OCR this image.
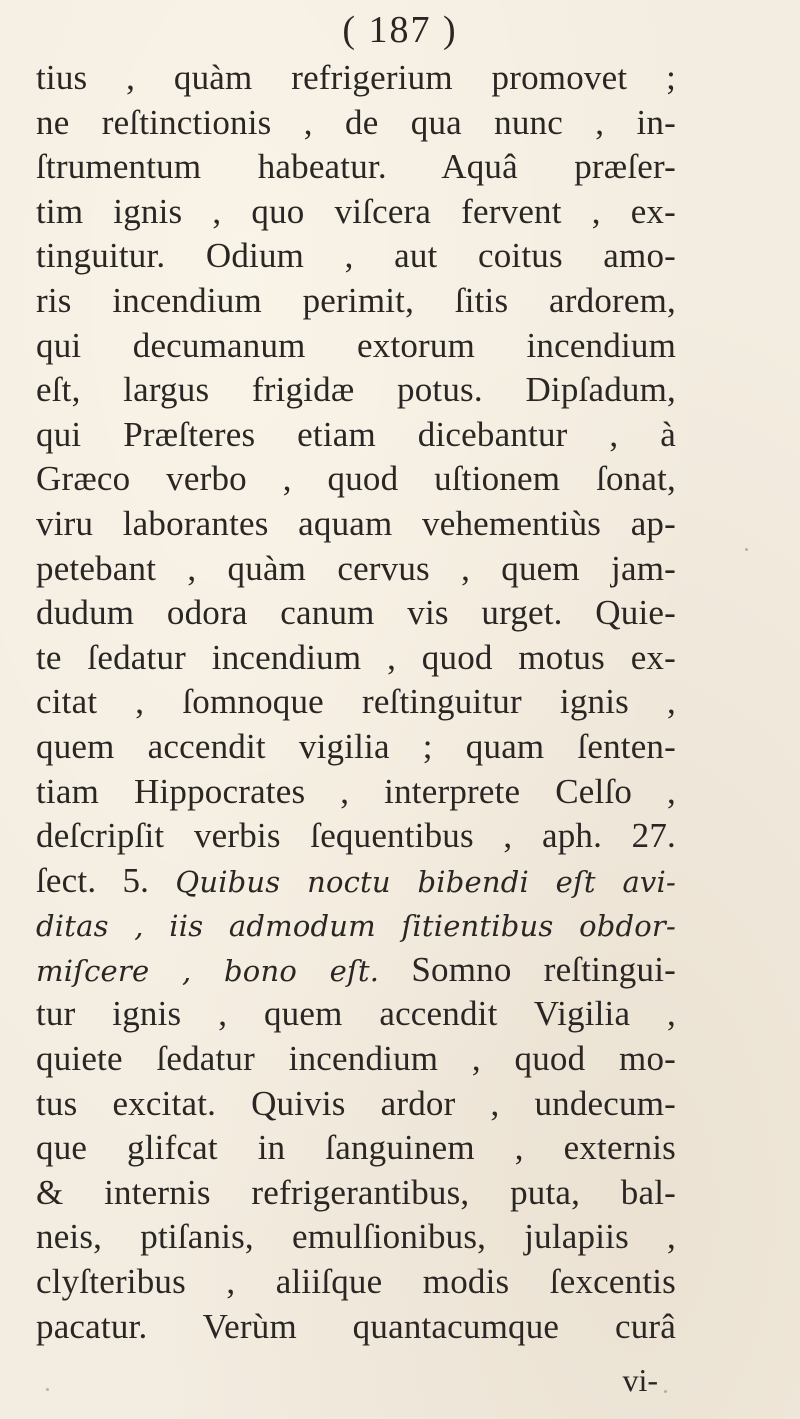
( 187 )
tius , quàm refrigerium promovet ;
ne reſtinctionis , de qua nunc , in-
ſtrumentum habeatur. Aquâ præſer-
tim ignis , quo viſcera fervent , ex-
tinguitur. Odium , aut coitus amo-
ris incendium perimit, ſitis ardorem,
qui decumanum extorum incendium
eſt, largus frigidæ potus. Dipſadum,
qui Præſteres etiam dicebantur , à
Græco verbo , quod uſtionem ſonat,
viru laborantes aquam vehementiùs ap-
petebant , quàm cervus , quem jam-
dudum odora canum vis urget. Quie-
te ſedatur incendium , quod motus ex-
citat , ſomnoque reſtinguitur ignis ,
quem accendit vigilia ; quam ſenten-
tiam Hippocrates , interprete Celſo ,
deſcripſit verbis ſequentibus , aph. 27.
ſect. 5. Quibus noctu bibendi eſt avi-
ditas , iis admodum ſitientibus obdor-
miſcere , bono eſt. Somno reſtingui-
tur ignis , quem accendit Vigilia ,
quiete ſedatur incendium , quod mo-
tus excitat. Quivis ardor , undecum-
que glifcat in ſanguinem , externis
& internis refrigerantibus, puta, bal-
neis, ptiſanis, emulſionibus, julapiis ,
clyſteribus , aliiſque modis ſexcentis
pacatur. Verùm quantacumque curâ
vi-
